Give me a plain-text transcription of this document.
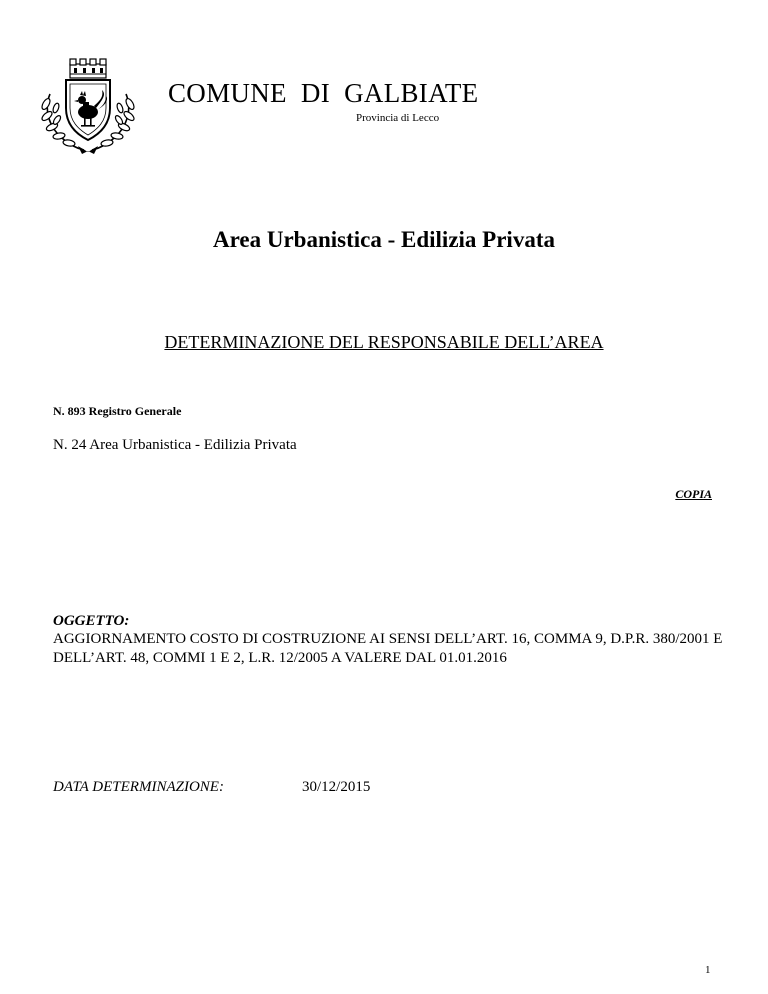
COMUNE  DI  GALBIATE
Provincia di Lecco
Area Urbanistica - Edilizia Privata
DETERMINAZIONE DEL RESPONSABILE DELL’AREA
N. 893 Registro Generale
N. 24 Area Urbanistica - Edilizia Privata
COPIA
OGGETTO:
AGGIORNAMENTO COSTO DI COSTRUZIONE AI SENSI DELL’ART. 16, COMMA 9, D.P.R. 380/2001 E DELL’ART. 48, COMMI 1 E 2, L.R. 12/2005 A VALERE DAL 01.01.2016
DATA DETERMINAZIONE:	30/12/2015
1
